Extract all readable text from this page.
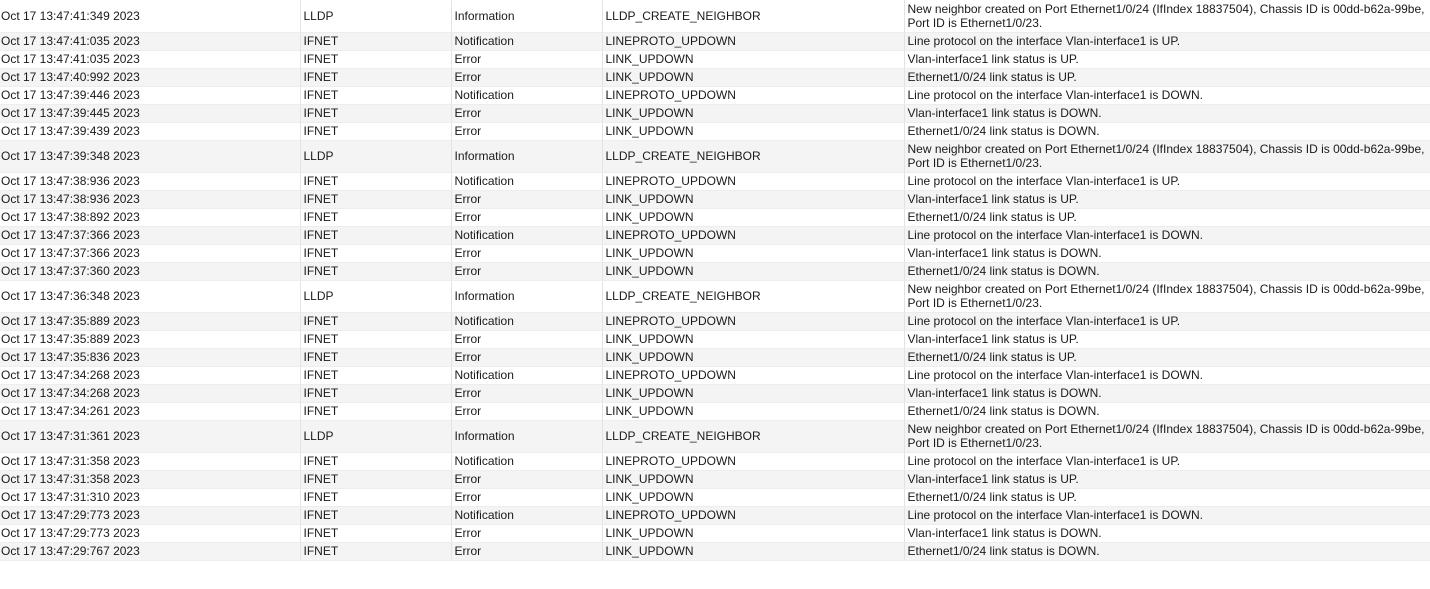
Oct 17 13:47:41:349 2023	LLDP	Information	LLDP_CREATE_NEIGHBOR	New neighbor created on Port Ethernet1/0/24 (IfIndex 18837504), Chassis ID is 00dd-b62a-99be, Port ID is Ethernet1/0/23.
Oct 17 13:47:41:035 2023	IFNET	Notification	LINEPROTO_UPDOWN	Line protocol on the interface Vlan-interface1 is UP.
Oct 17 13:47:41:035 2023	IFNET	Error	LINK_UPDOWN	Vlan-interface1 link status is UP.
Oct 17 13:47:40:992 2023	IFNET	Error	LINK_UPDOWN	Ethernet1/0/24 link status is UP.
Oct 17 13:47:39:446 2023	IFNET	Notification	LINEPROTO_UPDOWN	Line protocol on the interface Vlan-interface1 is DOWN.
Oct 17 13:47:39:445 2023	IFNET	Error	LINK_UPDOWN	Vlan-interface1 link status is DOWN.
Oct 17 13:47:39:439 2023	IFNET	Error	LINK_UPDOWN	Ethernet1/0/24 link status is DOWN.
Oct 17 13:47:39:348 2023	LLDP	Information	LLDP_CREATE_NEIGHBOR	New neighbor created on Port Ethernet1/0/24 (IfIndex 18837504), Chassis ID is 00dd-b62a-99be, Port ID is Ethernet1/0/23.
Oct 17 13:47:38:936 2023	IFNET	Notification	LINEPROTO_UPDOWN	Line protocol on the interface Vlan-interface1 is UP.
Oct 17 13:47:38:936 2023	IFNET	Error	LINK_UPDOWN	Vlan-interface1 link status is UP.
Oct 17 13:47:38:892 2023	IFNET	Error	LINK_UPDOWN	Ethernet1/0/24 link status is UP.
Oct 17 13:47:37:366 2023	IFNET	Notification	LINEPROTO_UPDOWN	Line protocol on the interface Vlan-interface1 is DOWN.
Oct 17 13:47:37:366 2023	IFNET	Error	LINK_UPDOWN	Vlan-interface1 link status is DOWN.
Oct 17 13:47:37:360 2023	IFNET	Error	LINK_UPDOWN	Ethernet1/0/24 link status is DOWN.
Oct 17 13:47:36:348 2023	LLDP	Information	LLDP_CREATE_NEIGHBOR	New neighbor created on Port Ethernet1/0/24 (IfIndex 18837504), Chassis ID is 00dd-b62a-99be, Port ID is Ethernet1/0/23.
Oct 17 13:47:35:889 2023	IFNET	Notification	LINEPROTO_UPDOWN	Line protocol on the interface Vlan-interface1 is UP.
Oct 17 13:47:35:889 2023	IFNET	Error	LINK_UPDOWN	Vlan-interface1 link status is UP.
Oct 17 13:47:35:836 2023	IFNET	Error	LINK_UPDOWN	Ethernet1/0/24 link status is UP.
Oct 17 13:47:34:268 2023	IFNET	Notification	LINEPROTO_UPDOWN	Line protocol on the interface Vlan-interface1 is DOWN.
Oct 17 13:47:34:268 2023	IFNET	Error	LINK_UPDOWN	Vlan-interface1 link status is DOWN.
Oct 17 13:47:34:261 2023	IFNET	Error	LINK_UPDOWN	Ethernet1/0/24 link status is DOWN.
Oct 17 13:47:31:361 2023	LLDP	Information	LLDP_CREATE_NEIGHBOR	New neighbor created on Port Ethernet1/0/24 (IfIndex 18837504), Chassis ID is 00dd-b62a-99be, Port ID is Ethernet1/0/23.
Oct 17 13:47:31:358 2023	IFNET	Notification	LINEPROTO_UPDOWN	Line protocol on the interface Vlan-interface1 is UP.
Oct 17 13:47:31:358 2023	IFNET	Error	LINK_UPDOWN	Vlan-interface1 link status is UP.
Oct 17 13:47:31:310 2023	IFNET	Error	LINK_UPDOWN	Ethernet1/0/24 link status is UP.
Oct 17 13:47:29:773 2023	IFNET	Notification	LINEPROTO_UPDOWN	Line protocol on the interface Vlan-interface1 is DOWN.
Oct 17 13:47:29:773 2023	IFNET	Error	LINK_UPDOWN	Vlan-interface1 link status is DOWN.
Oct 17 13:47:29:767 2023	IFNET	Error	LINK_UPDOWN	Ethernet1/0/24 link status is DOWN.
